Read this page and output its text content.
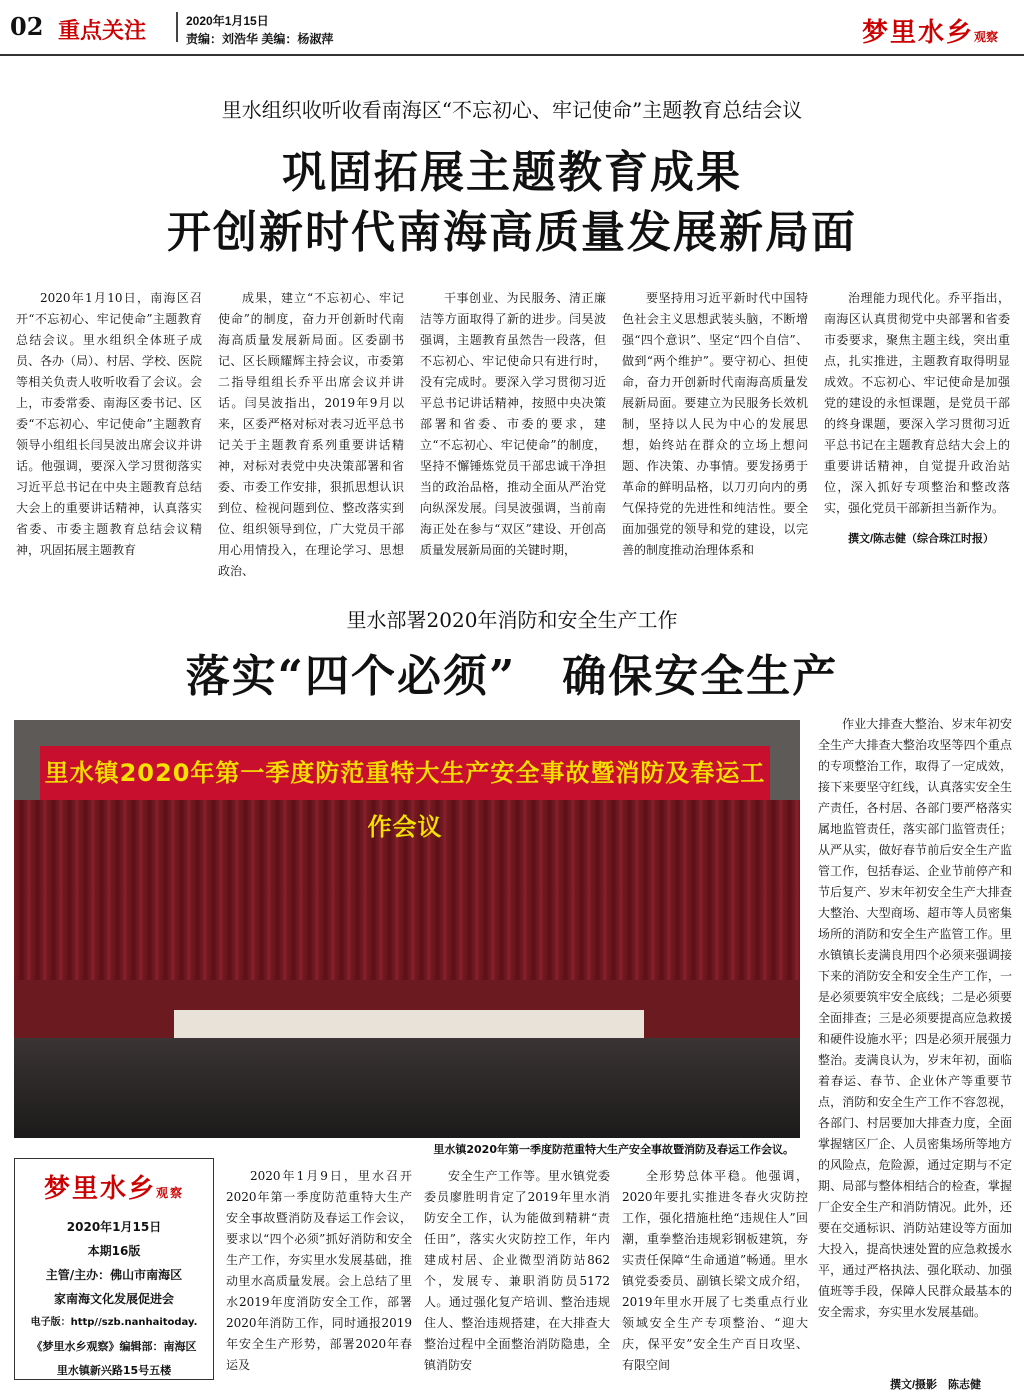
02 重点关注	2020年1月15日
责编：刘浩华 美编：杨淑萍	梦里水乡观察
里水组织收听收看南海区“不忘初心、牢记使命”主题教育总结会议
巩固拓展主题教育成果
开创新时代南海高质量发展新局面

2020年1月10日，南海区召开“不忘初心、牢记使命”主题教育总结会议。里水组织全体班子成员、各办（局）、村居、学校、医院等相关负责人收听收看了会议。会上，市委常委、南海区委书记、区委“不忘初心、牢记使命”主题教育领导小组组长闫昊波出席会议并讲话。他强调，要深入学习贯彻落实习近平总书记在中央主题教育总结大会上的重要讲话精神，认真落实省委、市委主题教育总结会议精神，巩固拓展主题教育

成果，建立“不忘初心、牢记使命”的制度，奋力开创新时代南海高质量发展新局面。区委副书记、区长顾耀辉主持会议，市委第二指导组组长乔平出席会议并讲话。闫昊波指出，2019年9月以来，区委严格对标对表习近平总书记关于主题教育系列重要讲话精神，对标对表党中央决策部署和省委、市委工作安排，狠抓思想认识到位、检视问题到位、整改落实到位、组织领导到位，广大党员干部用心用情投入，在理论学习、思想政治、

干事创业、为民服务、清正廉洁等方面取得了新的进步。闫昊波强调，主题教育虽然告一段落，但不忘初心、牢记使命只有进行时，没有完成时。要深入学习贯彻习近平总书记讲话精神，按照中央决策部署和省委、市委的要求，建立“不忘初心、牢记使命”的制度，坚持不懈锤炼党员干部忠诚干净担当的政治品格，推动全面从严治党向纵深发展。闫昊波强调，当前南海正处在参与“双区”建设、开创高质量发展新局面的关键时期，

要坚持用习近平新时代中国特色社会主义思想武装头脑，不断增强“四个意识”、坚定“四个自信”、做到“两个维护”。要守初心、担使命，奋力开创新时代南海高质量发展新局面。要建立为民服务长效机制，坚持以人民为中心的发展思想，始终站在群众的立场上想问题、作决策、办事情。要发扬勇于革命的鲜明品格，以刀刃向内的勇气保持党的先进性和纯洁性。要全面加强党的领导和党的建设，以完善的制度推动治理体系和

治理能力现代化。乔平指出，南海区认真贯彻党中央部署和省委市委要求，聚焦主题主线，突出重点，扎实推进，主题教育取得明显成效。不忘初心、牢记使命是加强党的建设的永恒课题，是党员干部的终身课题，要深入学习贯彻习近平总书记在主题教育总结大会上的重要讲话精神，自觉提升政治站位，深入抓好专项整治和整改落实，强化党员干部新担当新作为。

撰文/陈志健（综合珠江时报）
里水部署2020年消防和安全生产工作
落实“四个必须”　确保安全生产
里水镇2020年第一季度防范重特大生产安全事故暨消防及春运工作会议
里水镇2020年第一季度防范重特大生产安全事故暨消防及春运工作会议。

作业大排查大整治、岁末年初安全生产大排查大整治攻坚等四个重点的专项整治工作，取得了一定成效，接下来要坚守红线，认真落实安全生产责任，各村居、各部门要严格落实属地监管责任，落实部门监管责任；从严从实，做好春节前后安全生产监管工作，包括春运、企业节前停产和节后复产、岁末年初安全生产大排查大整治、大型商场、超市等人员密集场所的消防和安全生产监管工作。里水镇镇长麦满良用四个必须来强调接下来的消防安全和安全生产工作，一是必须要筑牢安全底线；二是必须要全面排查；三是必须要提高应急救援和硬件设施水平；四是必须开展强力整治。麦满良认为，岁末年初，面临着春运、春节、企业休产等重要节点，消防和安全生产工作不容忽视，各部门、村居要加大排查力度，全面掌握辖区厂企、人员密集场所等地方的风险点，危险源，通过定期与不定期、局部与整体相结合的检查，掌握厂企安全生产和消防情况。此外，还要在交通标识、消防站建设等方面加大投入，提高快速处置的应急救援水平，通过严格执法、强化联动、加强值班等手段，保障人民群众最基本的安全需求，夯实里水发展基础。

2020年1月9日，里水召开2020年第一季度防范重特大生产安全事故暨消防及春运工作会议，要求以“四个必须”抓好消防和安全生产工作，夯实里水发展基础，推动里水高质量发展。会上总结了里水2019年度消防安全工作，部署2020年消防工作，同时通报2019年安全生产形势，部署2020年春运及

安全生产工作等。里水镇党委委员廖胜明肯定了2019年里水消防安全工作，认为能做到精耕“责任田”，落实火灾防控工作，年内建成村居、企业微型消防站862个，发展专、兼职消防员5172人。通过强化复产培训、整治违规住人、整治违规搭建，在大排查大整治过程中全面整治消防隐患，全镇消防安

全形势总体平稳。他强调，2020年要扎实推进冬春火灾防控工作，强化措施杜绝“违规住人”回潮，重拳整治违规彩钢板建筑，夯实责任保障“生命通道”畅通。里水镇党委委员、副镇长梁文成介绍，2019年里水开展了七类重点行业领域安全生产专项整治、“迎大庆，保平安”安全生产百日攻坚、有限空间

撰文/摄影　陈志健
梦里水乡观察
2020年1月15日
本期16版
主管/主办：佛山市南海区
家南海文化发展促进会
电子版：http//szb.nanhaitoday.
《梦里水乡观察》编辑部：南海区
里水镇新兴路15号五楼
